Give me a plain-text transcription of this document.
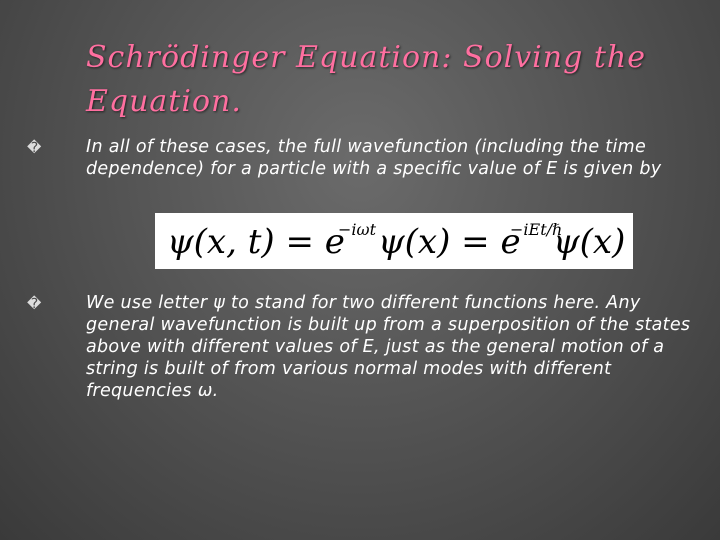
Schrödinger Equation: Solving the Equation.
�	In all of these cases, the full wavefunction (including the time dependence) for a particle with a specific value of E is given by
ψ(x, t) = e
−iωt ψ(x) = e
−iEt/ℏ
ψ(x)
�	We use letter ψ to stand for two different functions here. Any general wavefunction is built up from a superposition of the states above with different values of E, just as the general motion of a string is built of from various normal modes with different frequencies ω.
